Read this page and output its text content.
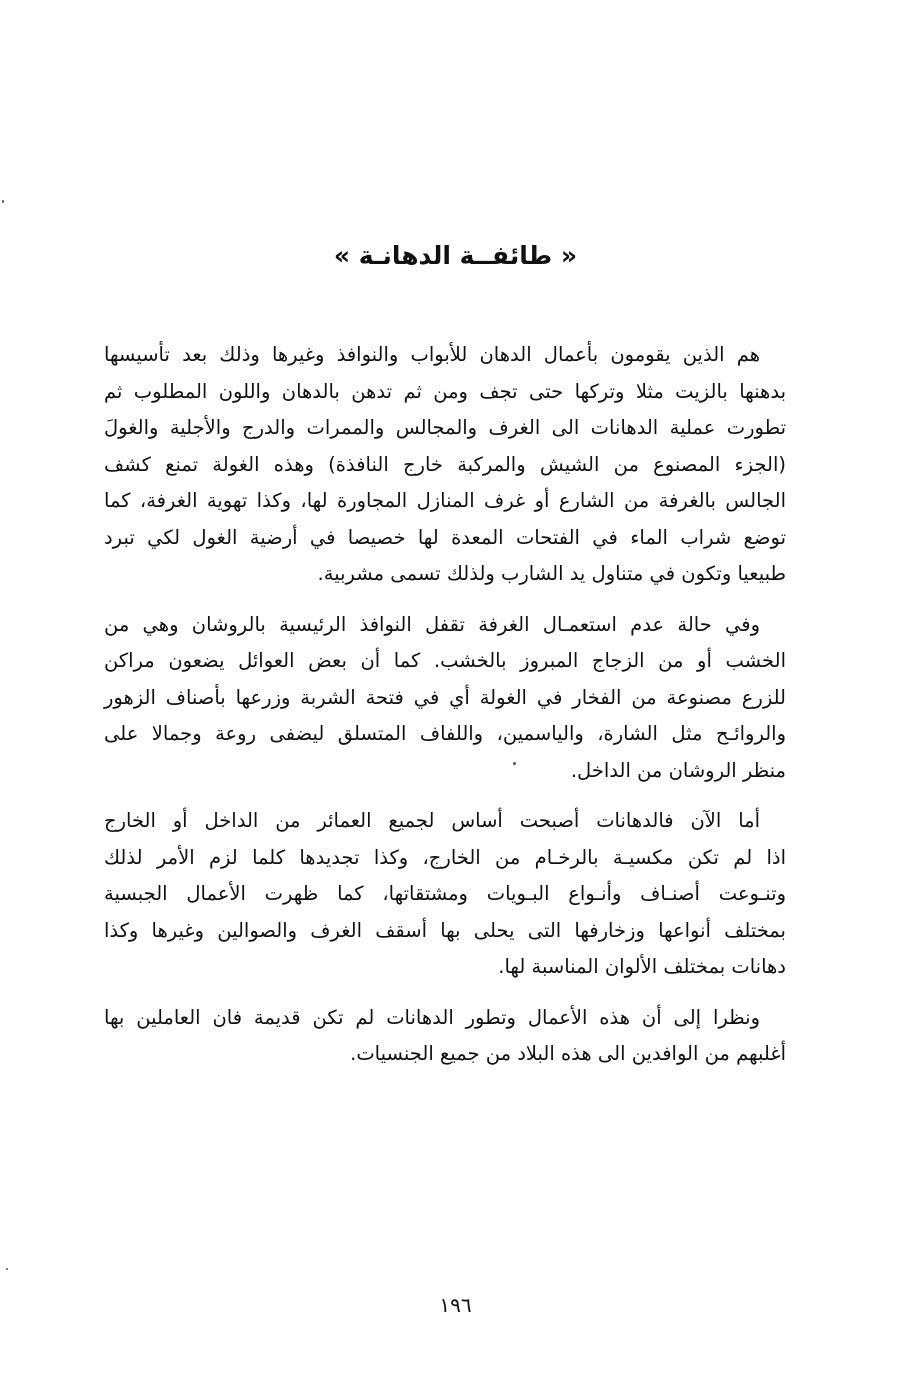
« طائفــة الدهانـة »

هم الذين يقومون بأعمال الدهان للأبواب والنوافذ وغيرها وذلك بعد تأسيسها
بدهنها بالزيت مثلا وتركها حتى تجف ومن ثم تدهن بالدهان واللون المطلوب ثم
تطورت عملية الدهانات الى الغرف والمجالس والممرات والدرج والأجلية والغولَ
(الجزء المصنوع من الشيش والمركبة خارج النافذة) وهذه الغولة تمنع كشف
الجالس بالغرفة من الشارع أو غرف المنازل المجاورة لها، وكذا تهوية الغرفة، كما
توضع شراب الماء في الفتحات المعدة لها خصيصا في أرضية الغول لكي تبرد
طبيعيا وتكون في متناول يد الشارب ولذلك تسمى مشربية.

وفي حالة عدم استعمـال الغرفة تقفل النوافذ الرئيسية بالروشان وهي من
الخشب أو من الزجاج المبروز بالخشب. كما أن بعض العوائل يضعون مراكن
للزرع مصنوعة من الفخار في الغولة أي في فتحة الشربة وزرعها بأصناف الزهور
والروائـح مثل الشارة، والياسمين، واللفاف المتسلق ليضفى روعة وجمالا على
منظر الروشان من الداخل.

أما الآن فالدهانات أصبحت أساس لجميع العمائر من الداخل أو الخارج
اذا لم تكن مكسيـة بالرخـام من الخارج، وكذا تجديدها كلما لزم الأمر لذلك
وتنـوعت أصنـاف وأنـواع البـويات ومشتقاتها، كما ظهرت الأعمال الجبسية
بمختلف أنواعها وزخارفها التى يحلى بها أسقف الغرف والصوالين وغيرها وكذا
دهانات بمختلف الألوان المناسبة لها.

ونظرا إلى أن هذه الأعمال وتطور الدهانات لم تكن قديمة فان العاملين بها
أغلبهم من الوافدين الى هذه البلاد من جميع الجنسيات.

١٩٦
